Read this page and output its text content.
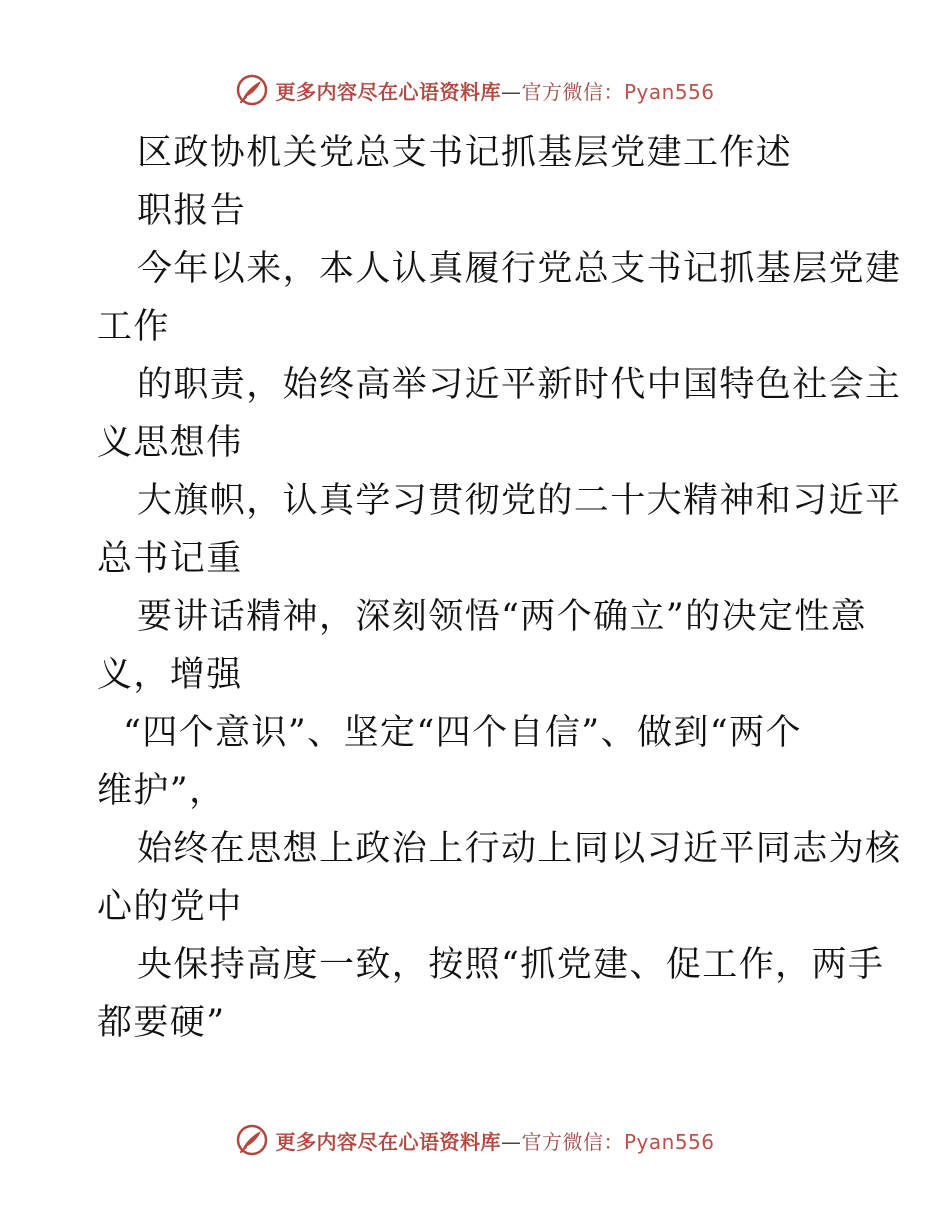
更多内容尽在心语资料库—官方微信：Pyan556
区政协机关党总支书记抓基层党建工作述
职报告
今年以来，本人认真履行党总支书记抓基层党建
工作
的职责，始终高举习近平新时代中国特色社会主
义思想伟
大旗帜，认真学习贯彻党的二十大精神和习近平
总书记重
要讲话精神，深刻领悟“两个确立”的决定性意
义，增强
“四个意识”、坚定“四个自信”、做到“两个
维护”，
始终在思想上政治上行动上同以习近平同志为核
心的党中
央保持高度一致，按照“抓党建、促工作，两手
都要硬”
更多内容尽在心语资料库—官方微信：Pyan556
